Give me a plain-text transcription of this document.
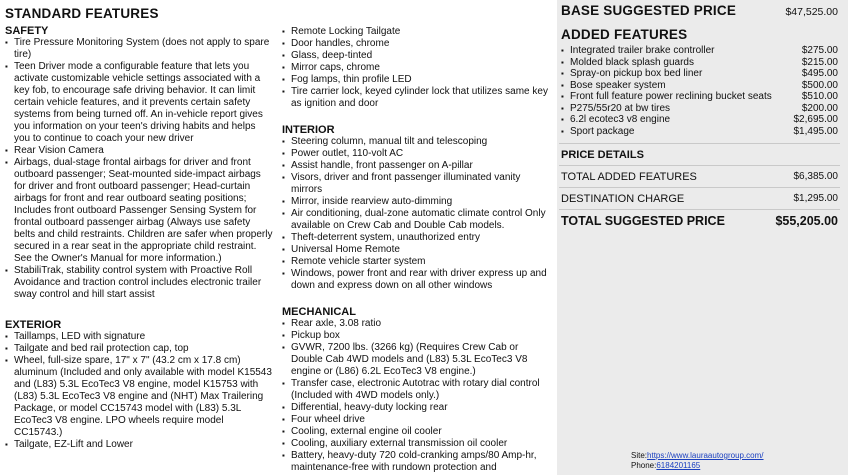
STANDARD FEATURES
SAFETY
▪ Tire Pressure Monitoring System (does not apply to spare tire)
▪ Teen Driver mode a configurable feature that lets you activate customizable vehicle settings associated with a key fob, to encourage safe driving behavior. It can limit certain vehicle features, and it prevents certain safety systems from being turned off. An in-vehicle report gives you information on your teen's driving habits and helps you to continue to coach your new driver
▪ Rear Vision Camera
▪ Airbags, dual-stage frontal airbags for driver and front outboard passenger; Seat-mounted side-impact airbags for driver and front outboard passenger; Head-curtain airbags for front and rear outboard seating positions; Includes front outboard Passenger Sensing System for frontal outboard passenger airbag (Always use safety belts and child restraints. Children are safer when properly secured in a rear seat in the appropriate child restraint. See the Owner's Manual for more information.)
▪ StabiliTrak, stability control system with Proactive Roll Avoidance and traction control includes electronic trailer sway control and hill start assist
EXTERIOR
▪ Taillamps, LED with signature
▪ Tailgate and bed rail protection cap, top
▪ Wheel, full-size spare, 17" x 7" (43.2 cm x 17.8 cm) aluminum (Included and only available with model K15543 and (L83) 5.3L EcoTec3 V8 engine, model K15753 with (L83) 5.3L EcoTec3 V8 engine and (NHT) Max Trailering Package, or model CC15743 model with (L83) 5.3L EcoTec3 V8 engine. LPO wheels require model CC15743.)
▪ Tailgate, EZ-Lift and Lower
▪ Remote Locking Tailgate
▪ Door handles, chrome
▪ Glass, deep-tinted
▪ Mirror caps, chrome
▪ Fog lamps, thin profile LED
▪ Tire carrier lock, keyed cylinder lock that utilizes same key as ignition and door
INTERIOR
▪ Steering column, manual tilt and telescoping
▪ Power outlet, 110-volt AC
▪ Assist handle, front passenger on A-pillar
▪ Visors, driver and front passenger illuminated vanity mirrors
▪ Mirror, inside rearview auto-dimming
▪ Air conditioning, dual-zone automatic climate control Only available on Crew Cab and Double Cab models.
▪ Theft-deterrent system, unauthorized entry
▪ Universal Home Remote
▪ Remote vehicle starter system
▪ Windows, power front and rear with driver express up and down and express down on all other windows
MECHANICAL
▪ Rear axle, 3.08 ratio
▪ Pickup box
▪ GVWR, 7200 lbs. (3266 kg) (Requires Crew Cab or Double Cab 4WD models and (L83) 5.3L EcoTec3 V8 engine or (L86) 6.2L EcoTec3 V8 engine.)
▪ Transfer case, electronic Autotrac with rotary dial control (Included with 4WD models only.)
▪ Differential, heavy-duty locking rear
▪ Four wheel drive
▪ Cooling, external engine oil cooler
▪ Cooling, auxiliary external transmission oil cooler
▪ Battery, heavy-duty 720 cold-cranking amps/80 Amp-hr, maintenance-free with rundown protection and
BASE SUGGESTED PRICE	$47,525.00
ADDED FEATURES
▪ Integrated trailer brake controller	$275.00
▪ Molded black splash guards	$215.00
▪ Spray-on pickup box bed liner	$495.00
▪ Bose speaker system	$500.00
▪ Front full feature power reclining bucket seats	$510.00
▪ P275/55r20 at bw tires	$200.00
▪ 6.2l ecotec3 v8 engine	$2,695.00
▪ Sport package	$1,495.00
PRICE DETAILS
TOTAL ADDED FEATURES	$6,385.00
DESTINATION CHARGE	$1,295.00
TOTAL SUGGESTED PRICE	$55,205.00
Site:https://www.lauraautogroup.com/
Phone:6184201165
